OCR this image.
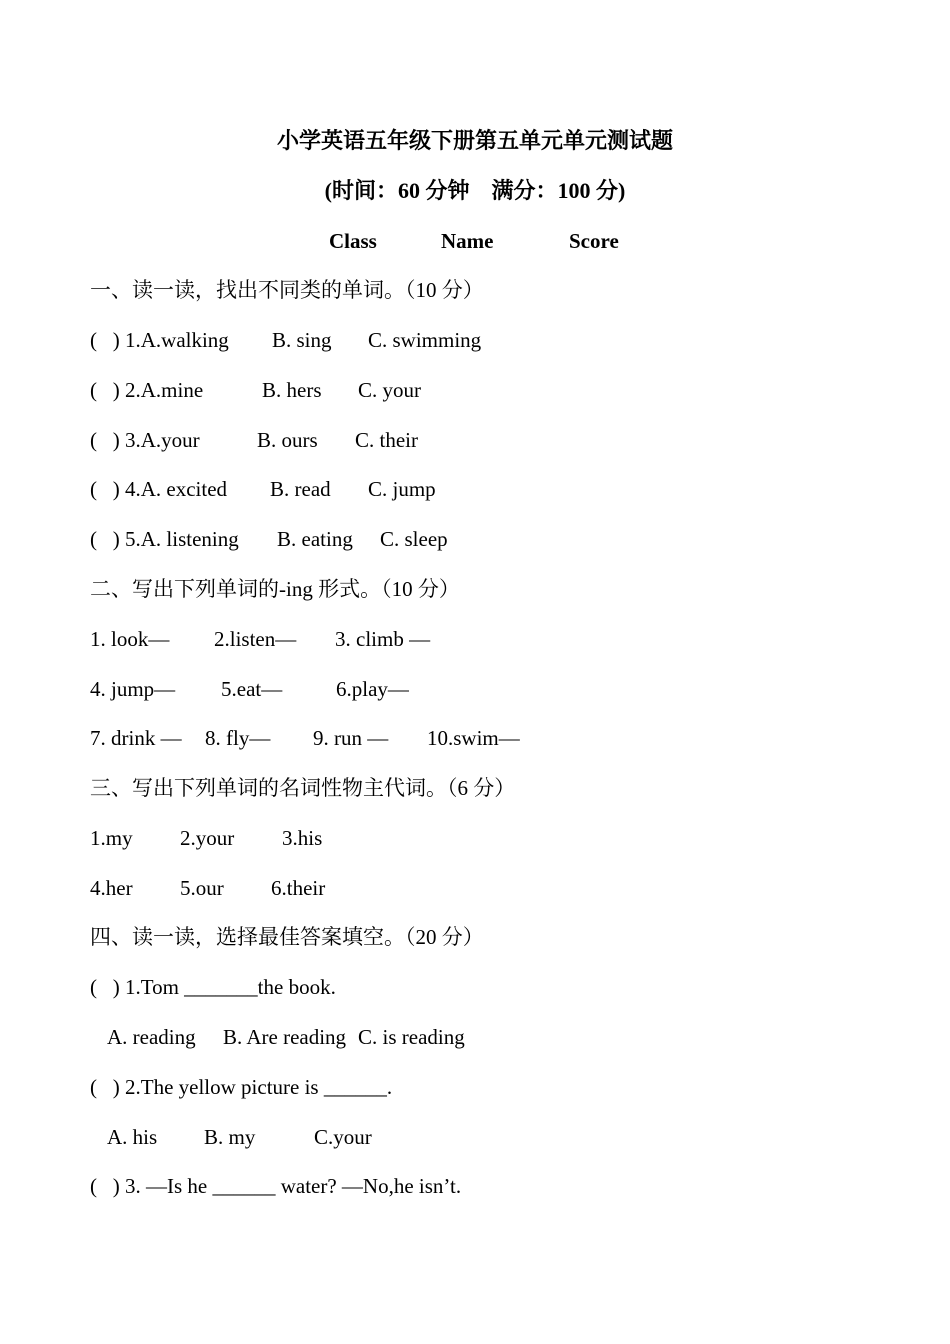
小学英语五年级下册第五单元单元测试题
(时间：60 分钟　满分：100 分)

Class

	Name

	Score

一、读一读，找出不同类的单词。（10 分）

(   ) 1.A.walking

B. sing

C. swimming

(   ) 2.A.mine

	B. hers

C. your

(   ) 3.A.your

	B. ours

C. their

(   ) 4.A. excited

B. read

C. jump

(   ) 5.A. listening

B. eating

C. sleep

二、写出下列单词的-ing 形式。（10 分）

1. look—

2.listen—

3. climb —

4. jump—

5.eat—

	6.play—

7. drink —

8. fly—

9. run —

10.swim—

三、写出下列单词的名词性物主代词。（6 分）

1.my

2.your

3.his

4.her

5.our

6.their

四、读一读，选择最佳答案填空。（20 分）
(   ) 1.Tom _______the book.

A. reading

B. Are reading

C. is reading

(   ) 2.The yellow picture is ______.

A. his

B. my

	C.your

(   ) 3. —Is he ______ water? —No,he isn’t.
